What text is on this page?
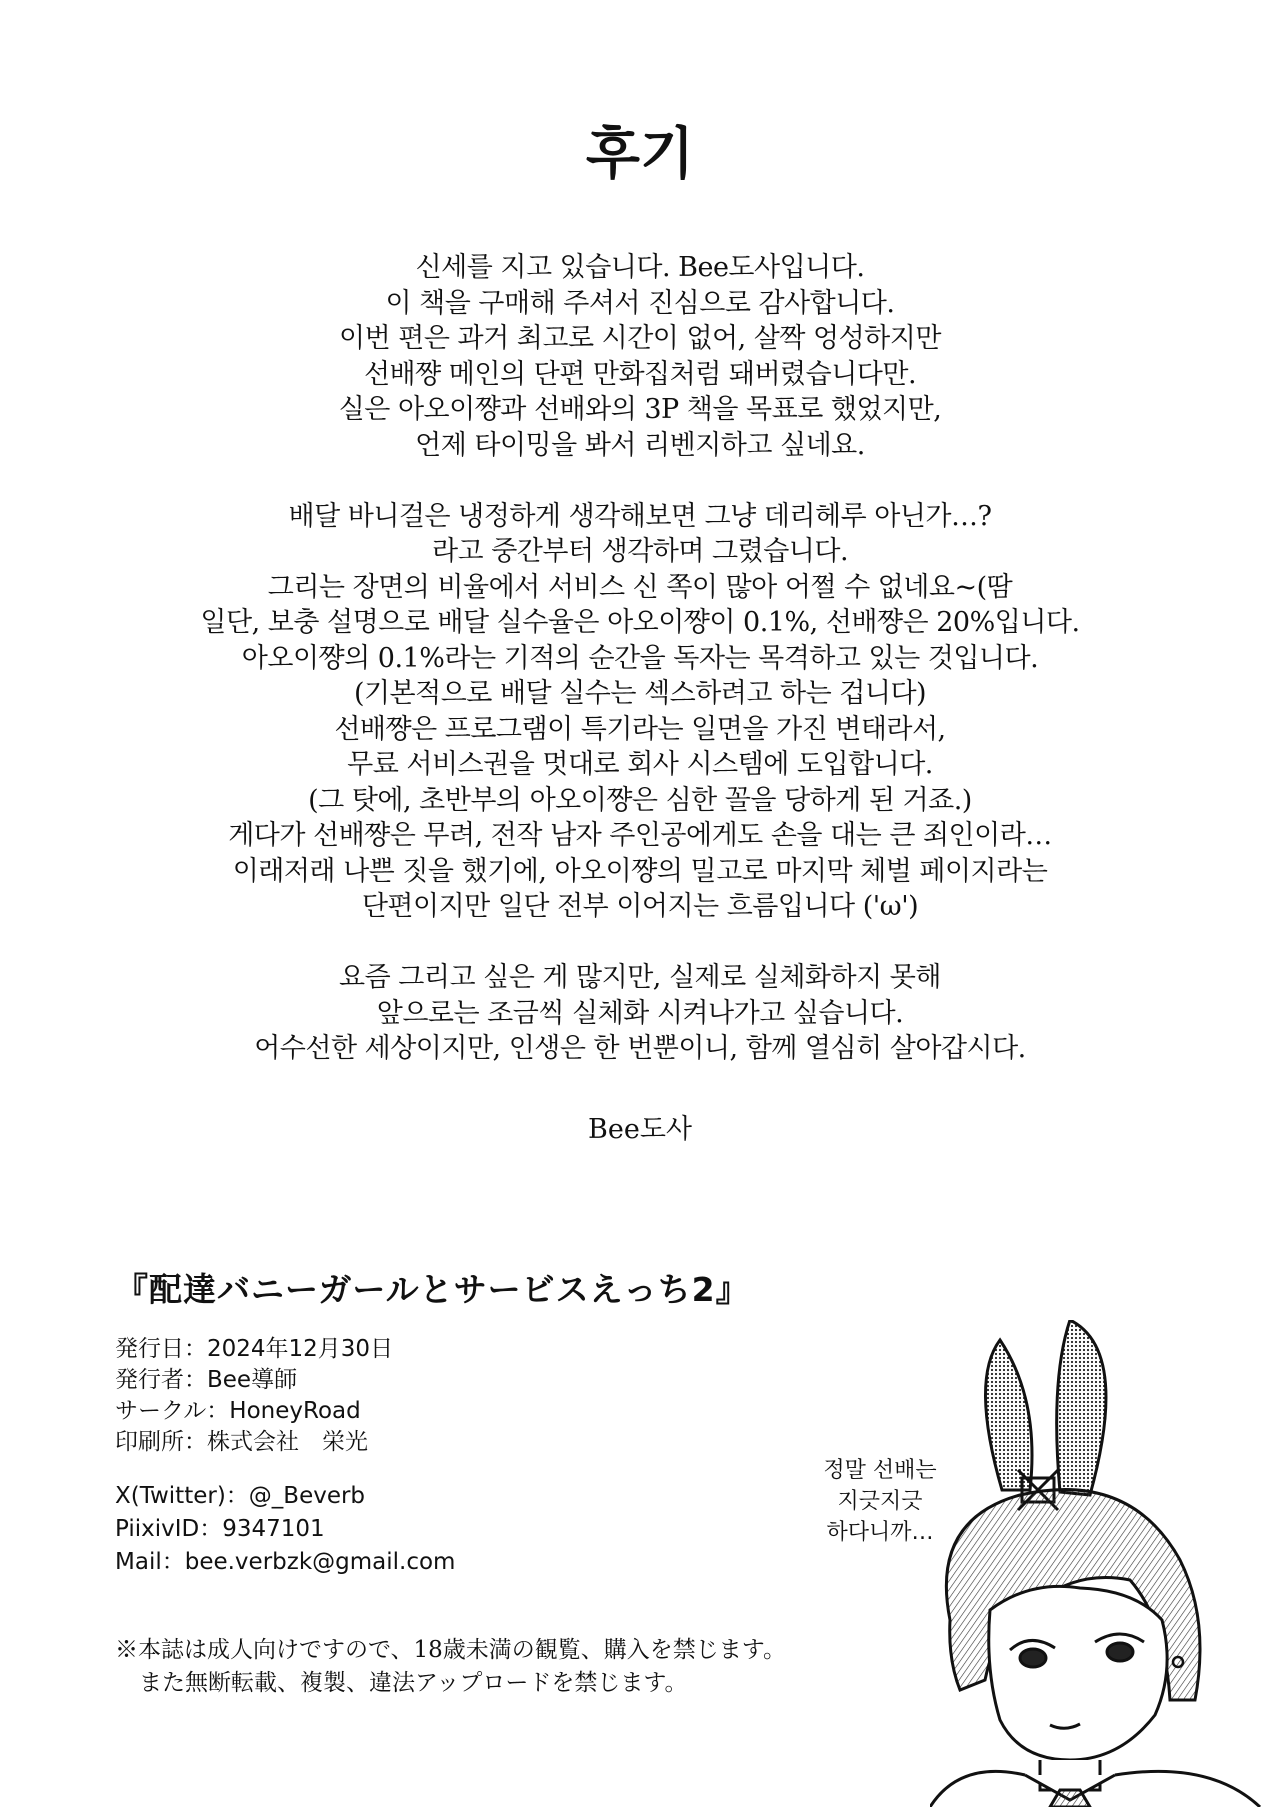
후기
신세를 지고 있습니다. Bee도사입니다.
이 책을 구매해 주셔서 진심으로 감사합니다.
이번 편은 과거 최고로 시간이 없어, 살짝 엉성하지만
선배쨩 메인의 단편 만화집처럼 돼버렸습니다만.
실은 아오이쨩과 선배와의 3P 책을 목표로 했었지만,
언제 타이밍을 봐서 리벤지하고 싶네요.
배달 바니걸은 냉정하게 생각해보면 그냥 데리헤루 아닌가…?
라고 중간부터 생각하며 그렸습니다.
그리는 장면의 비율에서 서비스 신 쪽이 많아 어쩔 수 없네요~(땀
일단, 보충 설명으로 배달 실수율은 아오이쨩이 0.1%, 선배쨩은 20%입니다.
아오이쨩의 0.1%라는 기적의 순간을 독자는 목격하고 있는 것입니다.
(기본적으로 배달 실수는 섹스하려고 하는 겁니다)
선배쨩은 프로그램이 특기라는 일면을 가진 변태라서,
무료 서비스권을 멋대로 회사 시스템에 도입합니다.
(그 탓에, 초반부의 아오이쨩은 심한 꼴을 당하게 된 거죠.)
게다가 선배쨩은 무려, 전작 남자 주인공에게도 손을 대는 큰 죄인이라…
이래저래 나쁜 짓을 했기에, 아오이쨩의 밀고로 마지막 체벌 페이지라는
단편이지만 일단 전부 이어지는 흐름입니다 ('ω')
요즘 그리고 싶은 게 많지만, 실제로 실체화하지 못해
앞으로는 조금씩 실체화 시켜나가고 싶습니다.
어수선한 세상이지만, 인생은 한 번뿐이니, 함께 열심히 살아갑시다.
Bee도사
『配達バニーガールとサービスえっち2』
発行日：2024年12月30日
発行者：Bee導師
サークル：HoneyRoad
印刷所：株式会社　栄光
X(Twitter)：@_Beverb
PiixivID：9347101
Mail：bee.verbzk@gmail.com
※本誌は成人向けですので、18歳未満の観覧、購入を禁じます。
また無断転載、複製、違法アップロードを禁じます。
정말 선배는
지긋지긋
하다니까…
